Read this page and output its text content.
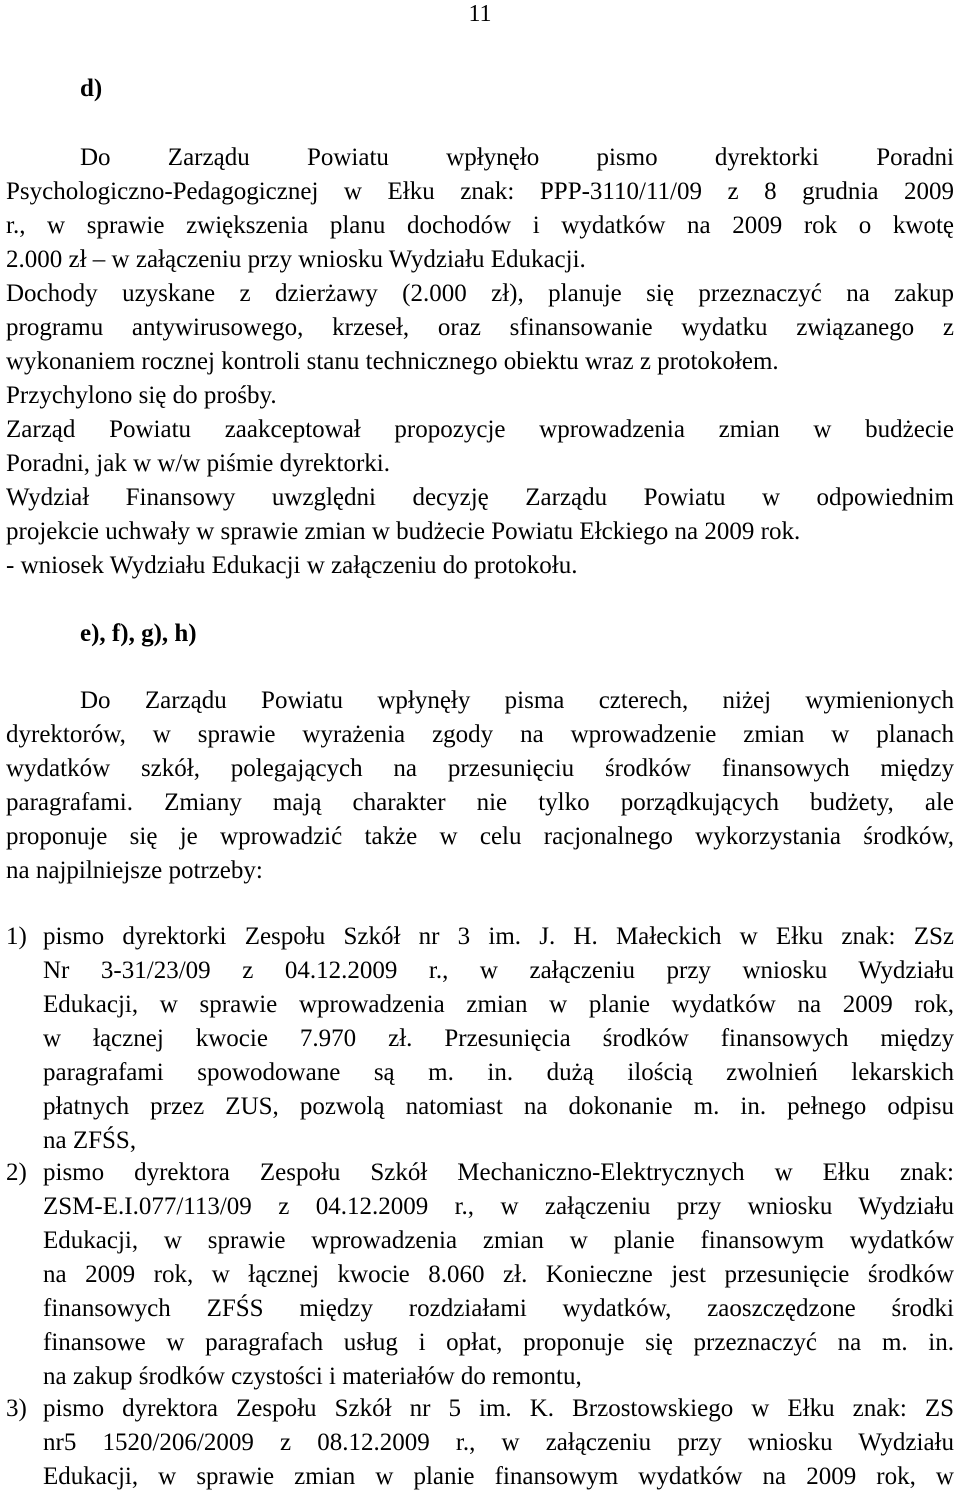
11
d)
Do Zarządu Powiatu wpłynęło pismo dyrektorki Poradni
Psychologiczno-Pedagogicznej w Ełku znak: PPP-3110/11/09 z 8 grudnia 2009
r., w sprawie zwiększenia planu dochodów i wydatków na 2009 rok o kwotę
2.000 zł – w załączeniu przy wniosku Wydziału Edukacji.
Dochody uzyskane z dzierżawy (2.000 zł), planuje się przeznaczyć na zakup
programu antywirusowego, krzeseł, oraz sfinansowanie wydatku związanego z
wykonaniem rocznej kontroli stanu technicznego obiektu wraz z protokołem.
Przychylono się do prośby.
Zarząd Powiatu zaakceptował propozycje wprowadzenia zmian w budżecie
Poradni, jak w w/w piśmie dyrektorki.
Wydział Finansowy uwzględni decyzję Zarządu Powiatu w odpowiednim
projekcie uchwały w sprawie zmian w budżecie Powiatu Ełckiego na 2009 rok.
- wniosek Wydziału Edukacji w załączeniu do protokołu.
e), f), g), h)
Do Zarządu Powiatu wpłynęły pisma czterech, niżej wymienionych
dyrektorów, w sprawie wyrażenia zgody na wprowadzenie zmian w planach
wydatków szkół, polegających na przesunięciu środków finansowych między
paragrafami. Zmiany mają charakter nie tylko porządkujących budżety, ale
proponuje się je wprowadzić także w celu racjonalnego wykorzystania środków,
na najpilniejsze potrzeby:
1) pismo dyrektorki Zespołu Szkół nr 3 im. J. H. Małeckich w Ełku znak: ZSz
Nr 3-31/23/09 z 04.12.2009 r., w załączeniu przy wniosku Wydziału
Edukacji, w sprawie wprowadzenia zmian w planie wydatków na 2009 rok,
w łącznej kwocie 7.970 zł. Przesunięcia środków finansowych między
paragrafami spowodowane są m. in. dużą ilością zwolnień lekarskich
płatnych przez ZUS, pozwolą natomiast na dokonanie m. in. pełnego odpisu
na ZFŚS,
2) pismo dyrektora Zespołu Szkół Mechaniczno-Elektrycznych w Ełku znak:
ZSM-E.I.077/113/09 z 04.12.2009 r., w załączeniu przy wniosku Wydziału
Edukacji, w sprawie wprowadzenia zmian w planie finansowym wydatków
na 2009 rok, w łącznej kwocie 8.060 zł. Konieczne jest przesunięcie środków
finansowych ZFŚS między rozdziałami wydatków, zaoszczędzone środki
finansowe w paragrafach usług i opłat, proponuje się przeznaczyć na m. in.
na zakup środków czystości i materiałów do remontu,
3) pismo dyrektora Zespołu Szkół nr 5 im. K. Brzostowskiego w Ełku znak: ZS
nr5 1520/206/2009 z 08.12.2009 r., w załączeniu przy wniosku Wydziału
Edukacji, w sprawie zmian w planie finansowym wydatków na 2009 rok, w
